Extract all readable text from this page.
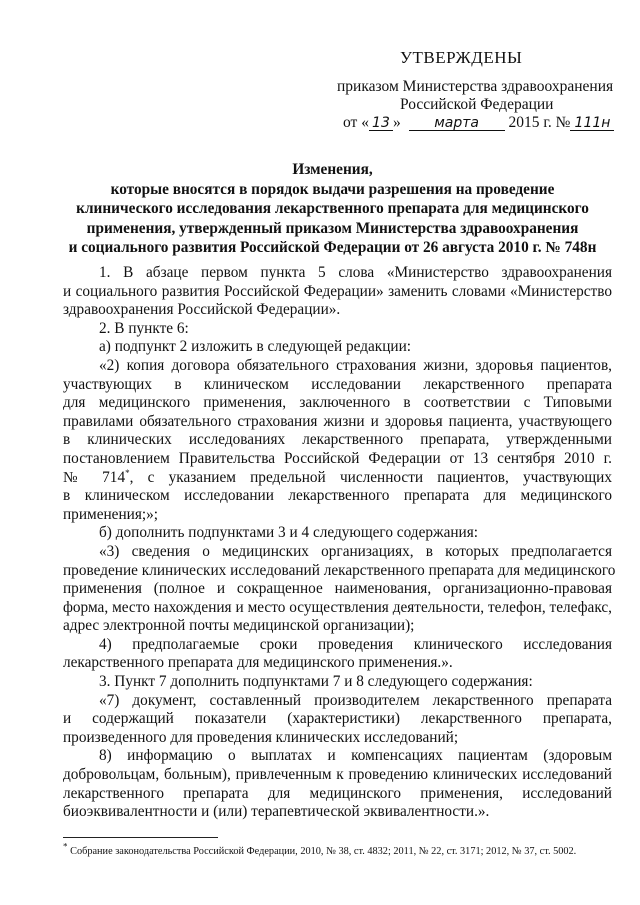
УТВЕРЖДЕНЫ
приказом Министерства здравоохранения
Российской Федерации
от « 13 » марта 2015 г. № 111н
Изменения,
которые вносятся в порядок выдачи разрешения на проведение
клинического исследования лекарственного препарата для медицинского
применения, утвержденный приказом Министерства здравоохранения
и социального развития Российской Федерации от 26 августа 2010 г. № 748н
1. В абзаце первом пункта 5 слова «Министерство здравоохранения
и социального развития Российской Федерации» заменить словами «Министерство
здравоохранения Российской Федерации».
2. В пункте 6:
а) подпункт 2 изложить в следующей редакции:
«2) копия договора обязательного страхования жизни, здоровья пациентов,
участвующих в клиническом исследовании лекарственного препарата
для медицинского применения, заключенного в соответствии с Типовыми
правилами обязательного страхования жизни и здоровья пациента, участвующего
в клинических исследованиях лекарственного препарата, утвержденными
постановлением Правительства Российской Федерации от 13 сентября 2010 г.
№ 714*, с указанием предельной численности пациентов, участвующих
в клиническом исследовании лекарственного препарата для медицинского
применения;»;
б) дополнить подпунктами 3 и 4 следующего содержания:
«3) сведения о медицинских организациях, в которых предполагается
проведение клинических исследований лекарственного препарата для медицинского
применения (полное и сокращенное наименования, организационно-правовая
форма, место нахождения и место осуществления деятельности, телефон, телефакс,
адрес электронной почты медицинской организации);
4) предполагаемые сроки проведения клинического исследования
лекарственного препарата для медицинского применения.».
3. Пункт 7 дополнить подпунктами 7 и 8 следующего содержания:
«7) документ, составленный производителем лекарственного препарата
и содержащий показатели (характеристики) лекарственного препарата,
произведенного для проведения клинических исследований;
8) информацию о выплатах и компенсациях пациентам (здоровым
добровольцам, больным), привлеченным к проведению клинических исследований
лекарственного препарата для медицинского применения, исследований
биоэквивалентности и (или) терапевтической эквивалентности.».
* Собрание законодательства Российской Федерации, 2010, № 38, ст. 4832; 2011, № 22, ст. 3171; 2012, № 37, ст. 5002.
